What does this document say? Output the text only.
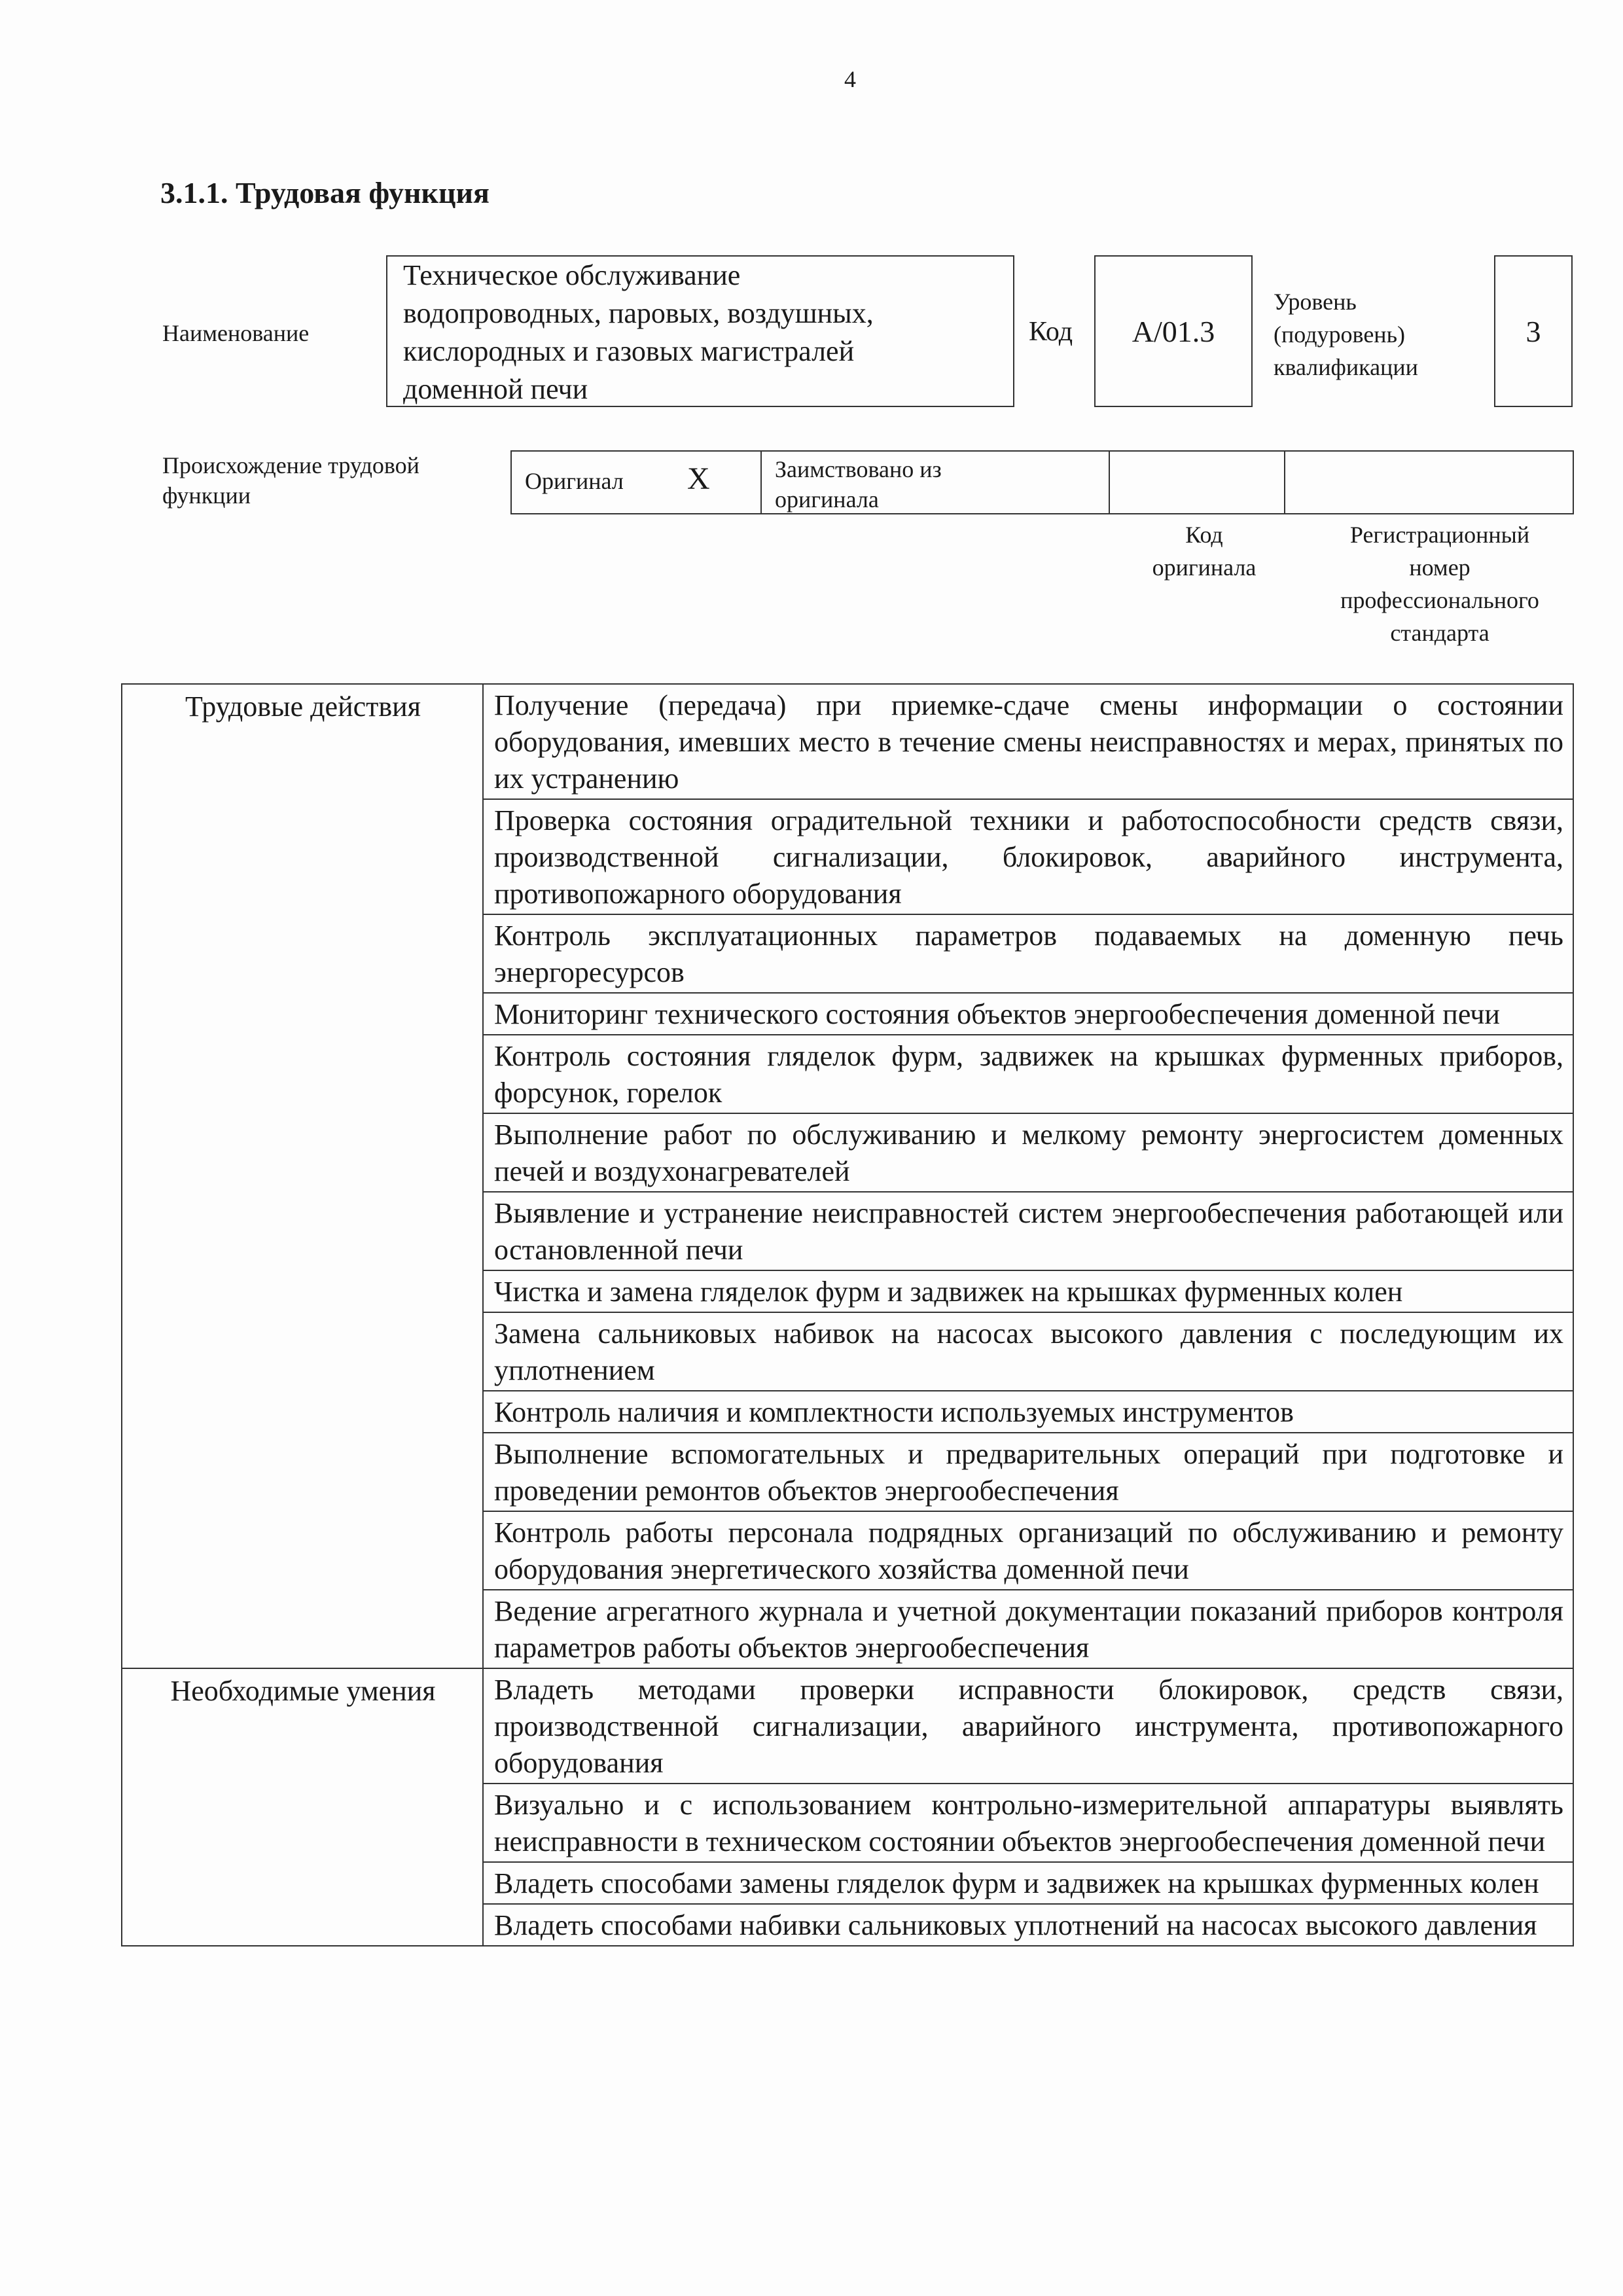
4
3.1.1. Трудовая функция
Наименование
Техническое обслуживание
водопроводных, паровых, воздушных,
кислородных и газовых магистралей
доменной печи
Код	А/01.3
Уровень
(подуровень)
квалификации
3
Происхождение трудовой
функции
Оригинал X	Заимствовано из
оригинала
Код
оригинала
Регистрационный
номер
профессионального
стандарта
Трудовые действия	Получение (передача) при приемке-сдаче смены информации о состоянии оборудования, имевших место в течение смены неисправностях и мерах, принятых по их устранению
	Проверка состояния оградительной техники и работоспособности средств связи, производственной сигнализации, блокировок, аварийного инструмента, противопожарного оборудования
	Контроль эксплуатационных параметров подаваемых на доменную печь энергоресурсов
	Мониторинг технического состояния объектов энергообеспечения доменной печи
	Контроль состояния гляделок фурм, задвижек на крышках фурменных приборов, форсунок, горелок
	Выполнение работ по обслуживанию и мелкому ремонту энергосистем доменных печей и воздухонагревателей
	Выявление и устранение неисправностей систем энергообеспечения работающей или остановленной печи
	Чистка и замена гляделок фурм и задвижек на крышках фурменных колен
	Замена сальниковых набивок на насосах высокого давления с последующим их уплотнением
	Контроль наличия и комплектности используемых инструментов
	Выполнение вспомогательных и предварительных операций при подготовке и проведении ремонтов объектов энергообеспечения
	Контроль работы персонала подрядных организаций по обслуживанию и ремонту оборудования энергетического хозяйства доменной печи
	Ведение агрегатного журнала и учетной документации показаний приборов контроля параметров работы объектов энергообеспечения
Необходимые умения	Владеть методами проверки исправности блокировок, средств связи, производственной сигнализации, аварийного инструмента, противопожарного оборудования
	Визуально и с использованием контрольно-измерительной аппаратуры выявлять неисправности в техническом состоянии объектов энергообеспечения доменной печи
	Владеть способами замены гляделок фурм и задвижек на крышках фурменных колен
	Владеть способами набивки сальниковых уплотнений на насосах высокого давления
